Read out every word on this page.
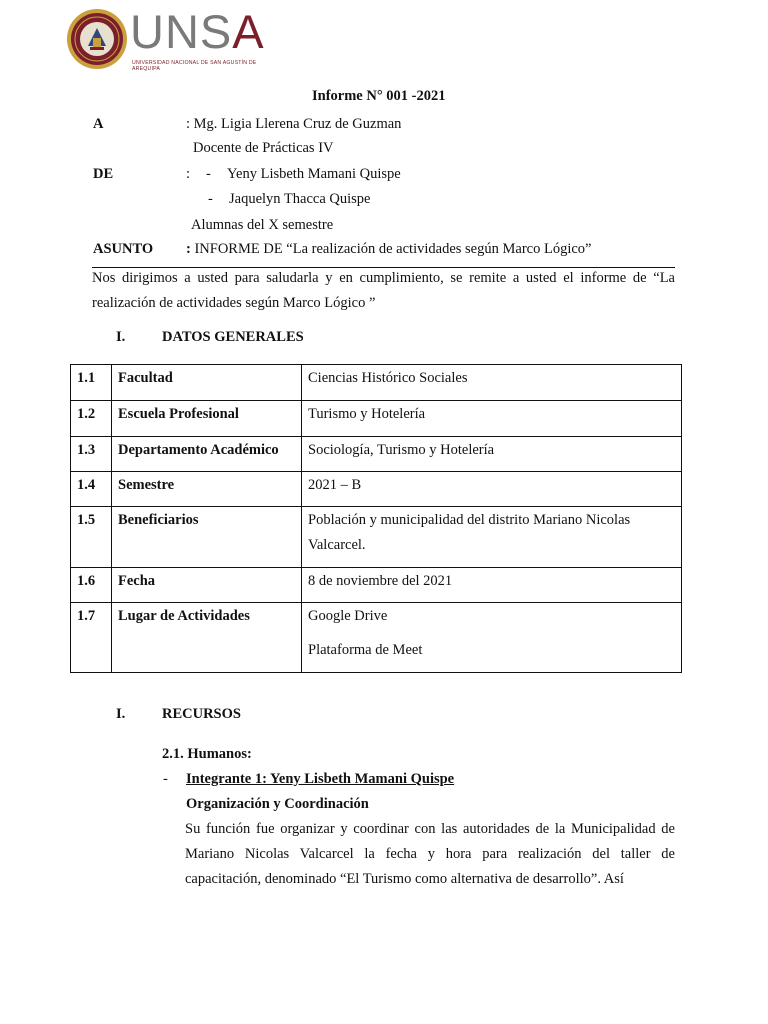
UNSA
UNIVERSIDAD NACIONAL DE SAN AGUSTÍN DE AREQUIPA
Informe N° 001 -2021
A	: Mg. Ligia Llerena Cruz de Guzman
Docente de Prácticas IV
DE	: - Yeny Lisbeth Mamani Quispe
- Jaquelyn Thacca Quispe
Alumnas del X semestre
ASUNTO : INFORME DE “La realización de actividades según Marco Lógico”
Nos dirigimos a usted para saludarla y en cumplimiento, se remite a usted el informe de “La realización de actividades según Marco Lógico ”
I.	DATOS GENERALES
1.1	Facultad	Ciencias Histórico Sociales
1.2	Escuela Profesional	Turismo y Hotelería
1.3	Departamento Académico	Sociología, Turismo y Hotelería
1.4	Semestre	2021 – B
1.5	Beneficiarios	Población y municipalidad del distrito Mariano Nicolas Valcarcel.
1.6	Fecha	8 de noviembre del 2021
1.7	Lugar de Actividades	Google Drive
Plataforma de Meet
I.	RECURSOS
2.1. Humanos:
- Integrante 1: Yeny Lisbeth Mamani Quispe
Organización y Coordinación
Su función fue organizar y coordinar con las autoridades de la Municipalidad de Mariano Nicolas Valcarcel la fecha y hora para realización del taller de capacitación, denominado “El Turismo como alternativa de desarrollo”. Así
